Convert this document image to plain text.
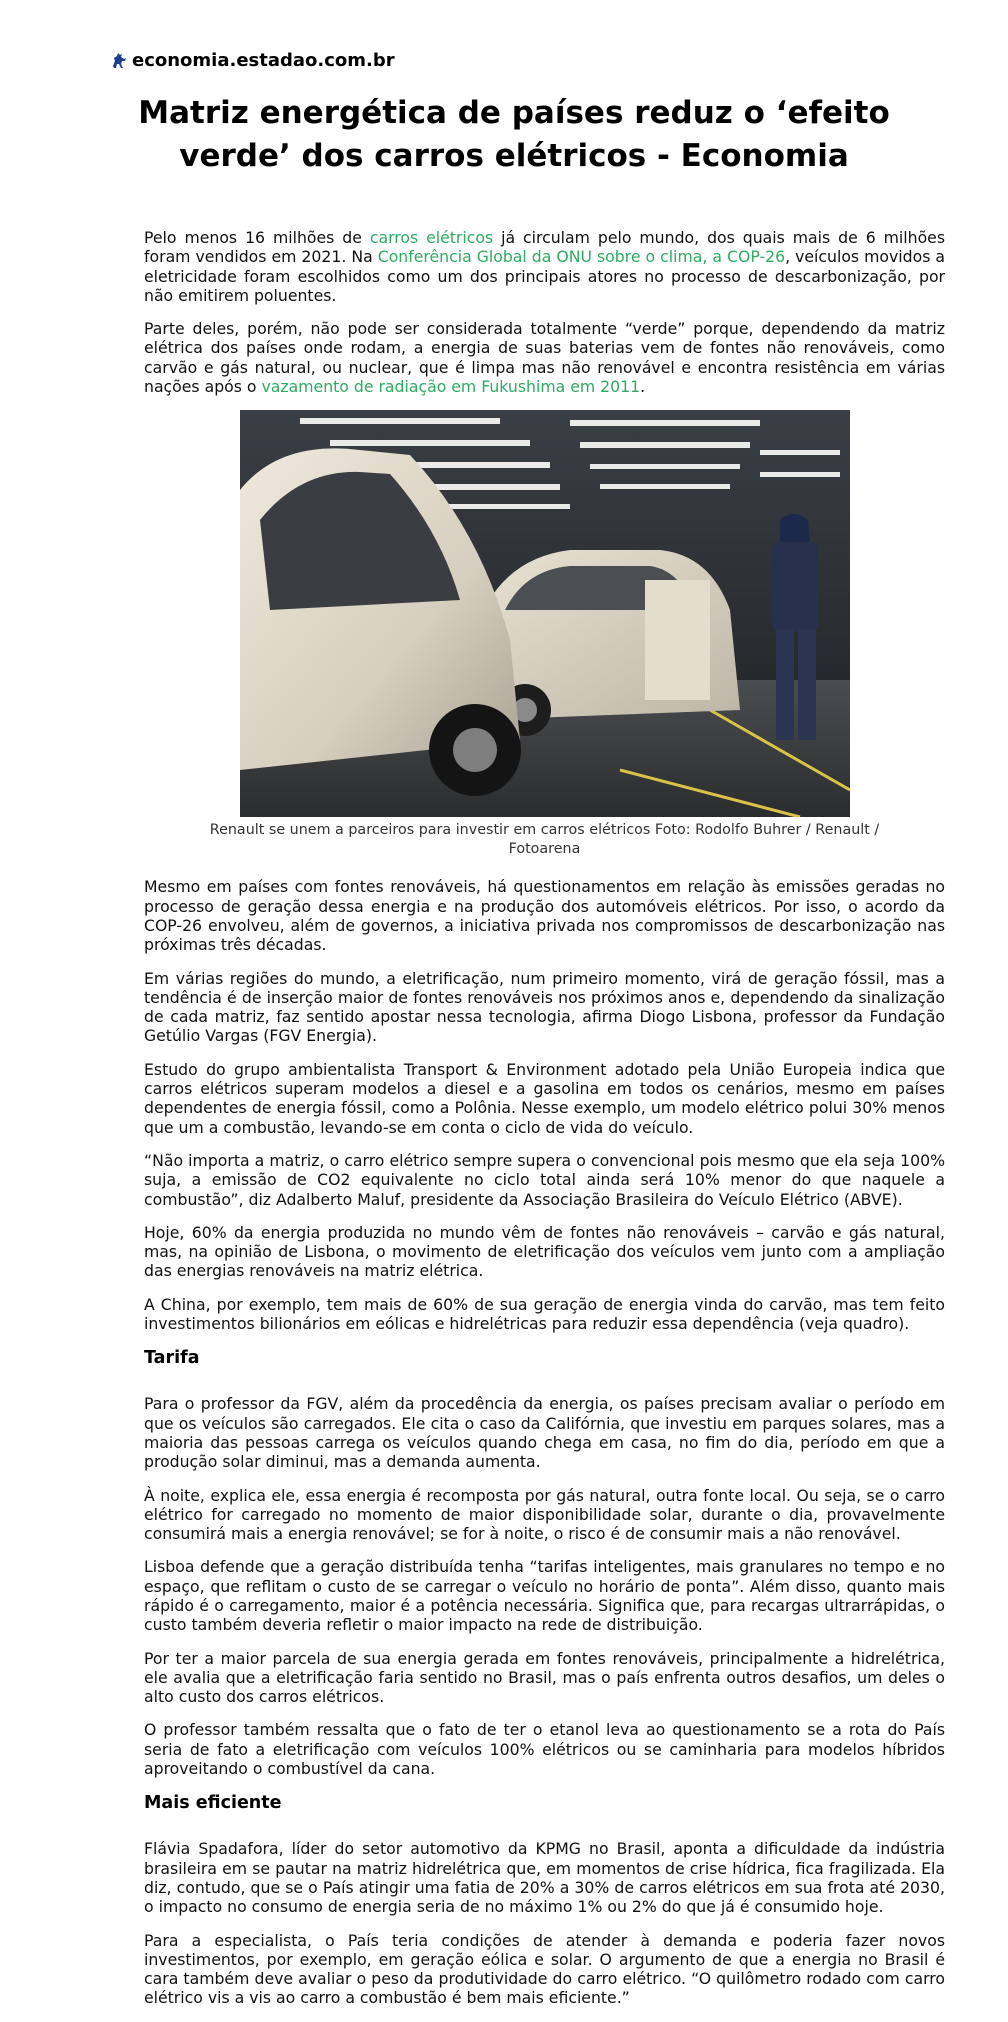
economia.estadao.com.br
Matriz energética de países reduz o ‘efeito verde’ dos carros elétricos - Economia

Pelo menos 16 milhões de carros elétricos já circulam pelo mundo, dos quais mais de 6 milhões foram vendidos em 2021. Na Conferência Global da ONU sobre o clima, a COP-26, veículos movidos a eletricidade foram escolhidos como um dos principais atores no processo de descarbonização, por não emitirem poluentes.

Parte deles, porém, não pode ser considerada totalmente “verde” porque, dependendo da matriz elétrica dos países onde rodam, a energia de suas baterias vem de fontes não renováveis, como carvão e gás natural, ou nuclear, que é limpa mas não renovável e encontra resistência em várias nações após o vazamento de radiação em Fukushima em 2011.

Renault se unem a parceiros para investir em carros elétricos Foto: Rodolfo Buhrer / Renault / Fotoarena

Mesmo em países com fontes renováveis, há questionamentos em relação às emissões geradas no processo de geração dessa energia e na produção dos automóveis elétricos. Por isso, o acordo da COP-26 envolveu, além de governos, a iniciativa privada nos compromissos de descarbonização nas próximas três décadas.

Em várias regiões do mundo, a eletrificação, num primeiro momento, virá de geração fóssil, mas a tendência é de inserção maior de fontes renováveis nos próximos anos e, dependendo da sinalização de cada matriz, faz sentido apostar nessa tecnologia, afirma Diogo Lisbona, professor da Fundação Getúlio Vargas (FGV Energia).

Estudo do grupo ambientalista Transport & Environment adotado pela União Europeia indica que carros elétricos superam modelos a diesel e a gasolina em todos os cenários, mesmo em países dependentes de energia fóssil, como a Polônia. Nesse exemplo, um modelo elétrico polui 30% menos que um a combustão, levando-se em conta o ciclo de vida do veículo.

“Não importa a matriz, o carro elétrico sempre supera o convencional pois mesmo que ela seja 100% suja, a emissão de CO2 equivalente no ciclo total ainda será 10% menor do que naquele a combustão”, diz Adalberto Maluf, presidente da Associação Brasileira do Veículo Elétrico (ABVE).

Hoje, 60% da energia produzida no mundo vêm de fontes não renováveis – carvão e gás natural, mas, na opinião de Lisbona, o movimento de eletrificação dos veículos vem junto com a ampliação das energias renováveis na matriz elétrica.

A China, por exemplo, tem mais de 60% de sua geração de energia vinda do carvão, mas tem feito investimentos bilionários em eólicas e hidrelétricas para reduzir essa dependência (veja quadro).

Tarifa

Para o professor da FGV, além da procedência da energia, os países precisam avaliar o período em que os veículos são carregados. Ele cita o caso da Califórnia, que investiu em parques solares, mas a maioria das pessoas carrega os veículos quando chega em casa, no fim do dia, período em que a produção solar diminui, mas a demanda aumenta.

À noite, explica ele, essa energia é recomposta por gás natural, outra fonte local. Ou seja, se o carro elétrico for carregado no momento de maior disponibilidade solar, durante o dia, provavelmente consumirá mais a energia renovável; se for à noite, o risco é de consumir mais a não renovável.

Lisboa defende que a geração distribuída tenha “tarifas inteligentes, mais granulares no tempo e no espaço, que reflitam o custo de se carregar o veículo no horário de ponta”. Além disso, quanto mais rápido é o carregamento, maior é a potência necessária. Significa que, para recargas ultrarrápidas, o custo também deveria refletir o maior impacto na rede de distribuição.

Por ter a maior parcela de sua energia gerada em fontes renováveis, principalmente a hidrelétrica, ele avalia que a eletrificação faria sentido no Brasil, mas o país enfrenta outros desafios, um deles o alto custo dos carros elétricos.

O professor também ressalta que o fato de ter o etanol leva ao questionamento se a rota do País seria de fato a eletrificação com veículos 100% elétricos ou se caminharia para modelos híbridos aproveitando o combustível da cana.

Mais eficiente

Flávia Spadafora, líder do setor automotivo da KPMG no Brasil, aponta a dificuldade da indústria brasileira em se pautar na matriz hidrelétrica que, em momentos de crise hídrica, fica fragilizada. Ela diz, contudo, que se o País atingir uma fatia de 20% a 30% de carros elétricos em sua frota até 2030, o impacto no consumo de energia seria de no máximo 1% ou 2% do que já é consumido hoje.

Para a especialista, o País teria condições de atender à demanda e poderia fazer novos investimentos, por exemplo, em geração eólica e solar. O argumento de que a energia no Brasil é cara também deve avaliar o peso da produtividade do carro elétrico. “O quilômetro rodado com carro elétrico vis a vis ao carro a combustão é bem mais eficiente.”
